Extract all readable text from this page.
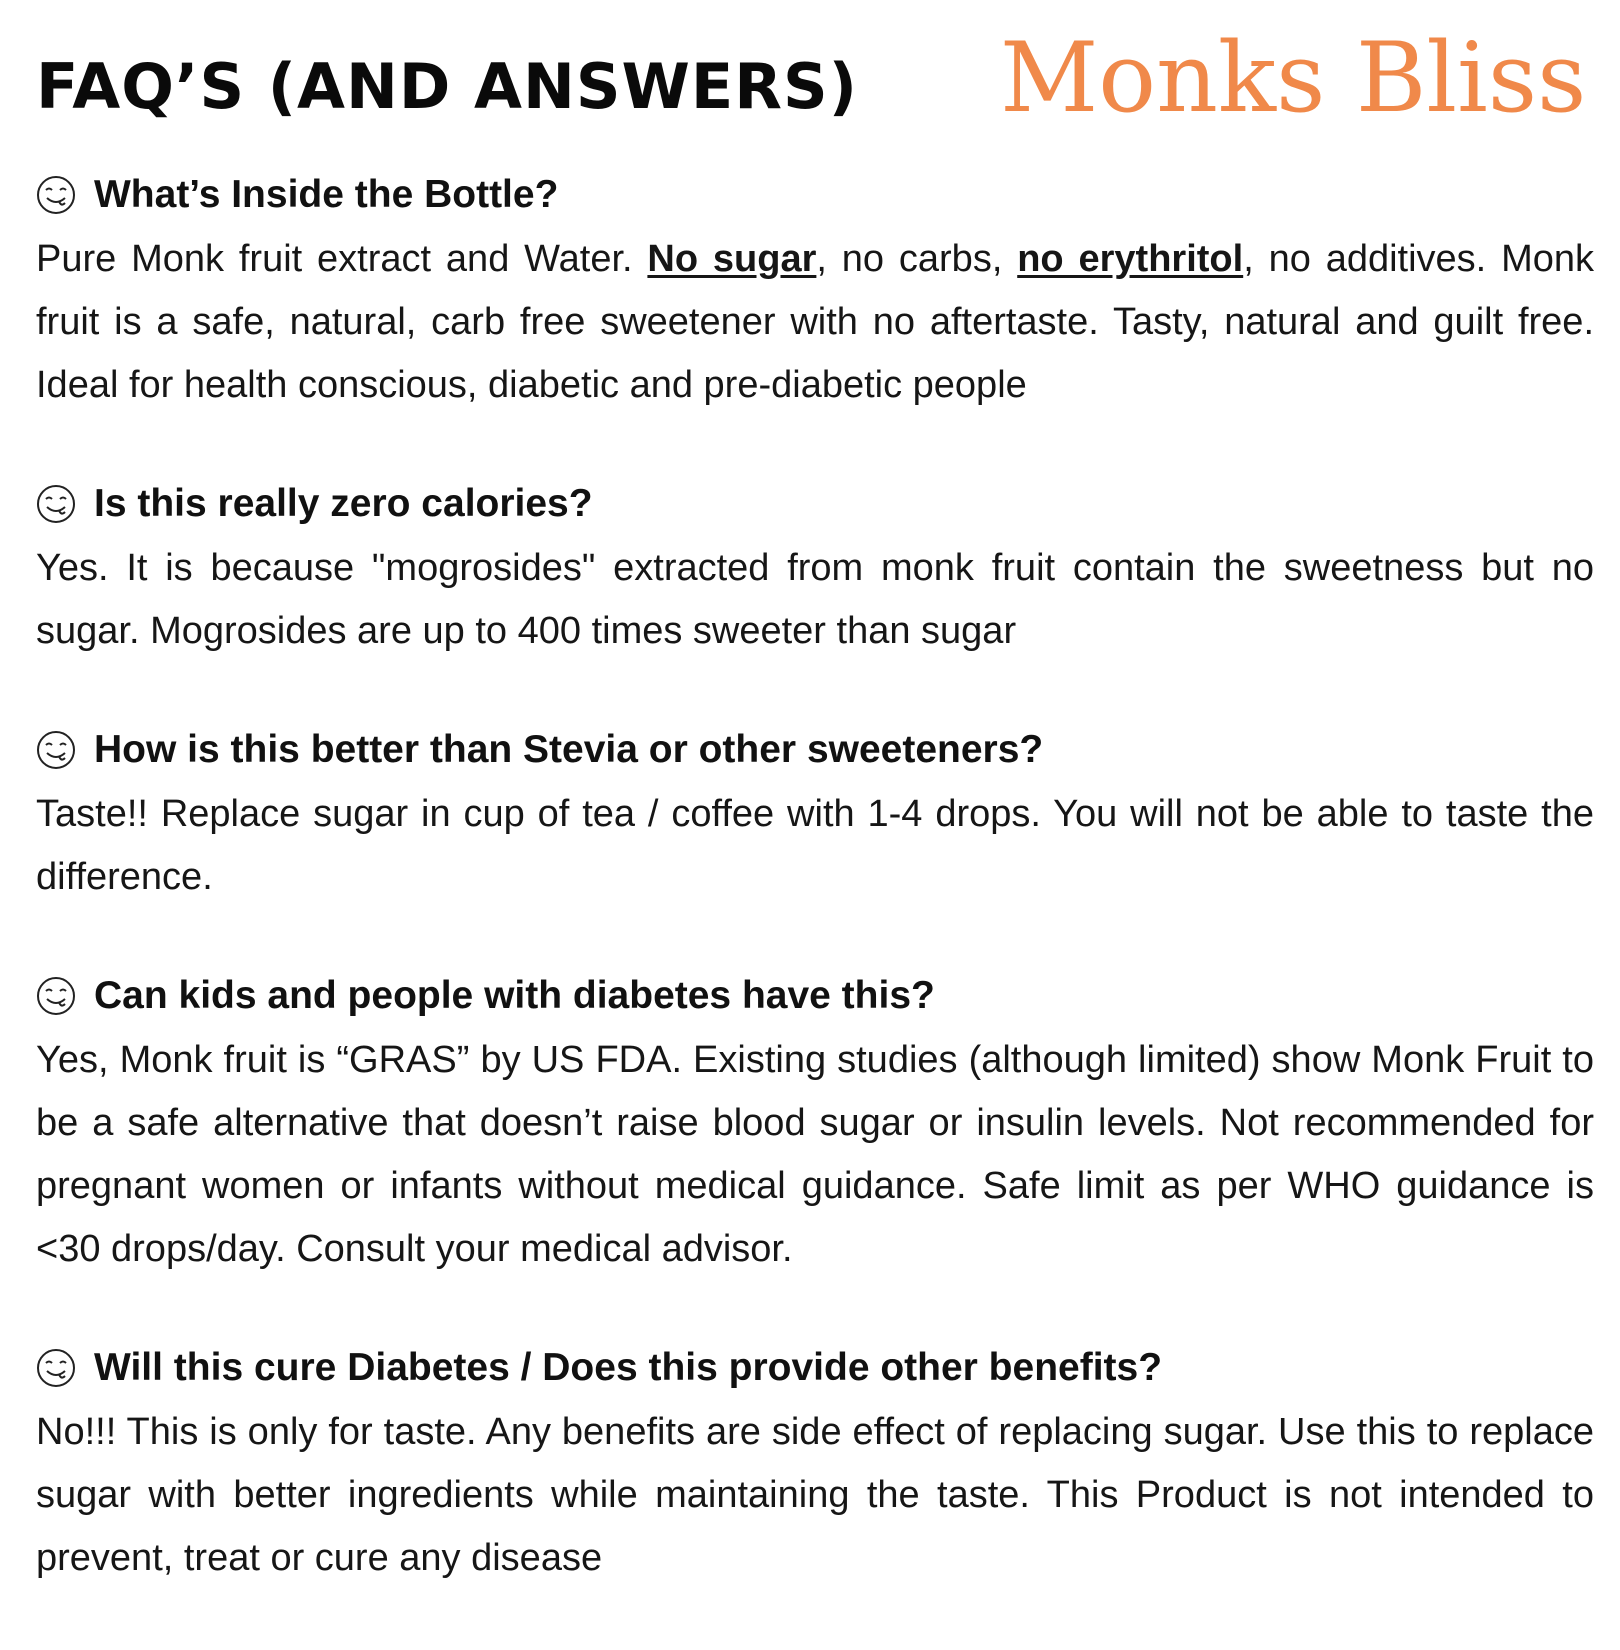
FAQ’S (AND ANSWERS) Monks Bliss
What’s Inside the Bottle?

Pure Monk fruit extract and Water. No sugar, no carbs, no erythritol, no additives. Monk fruit is a safe, natural, carb free sweetener with no aftertaste. Tasty, natural and guilt free. Ideal for health conscious, diabetic and pre-diabetic people

Is this really zero calories?

Yes. It is because "mogrosides" extracted from monk fruit contain the sweetness but no sugar. Mogrosides are up to 400 times sweeter than sugar

How is this better than Stevia or other sweeteners?

Taste!! Replace sugar in cup of tea / coffee with 1-4 drops. You will not be able to taste the difference.

Can kids and people with diabetes have this?

Yes, Monk fruit is “GRAS” by US FDA. Existing studies (although limited) show Monk Fruit to be a safe alternative that doesn’t raise blood sugar or insulin levels. Not recommended for pregnant women or infants without medical guidance. Safe limit as per WHO guidance is <30 drops/day. Consult your medical advisor.

Will this cure Diabetes / Does this provide other benefits?

No!!! This is only for taste. Any benefits are side effect of replacing sugar. Use this to replace sugar with better ingredients while maintaining the taste. This Product is not intended to prevent, treat or cure any disease
